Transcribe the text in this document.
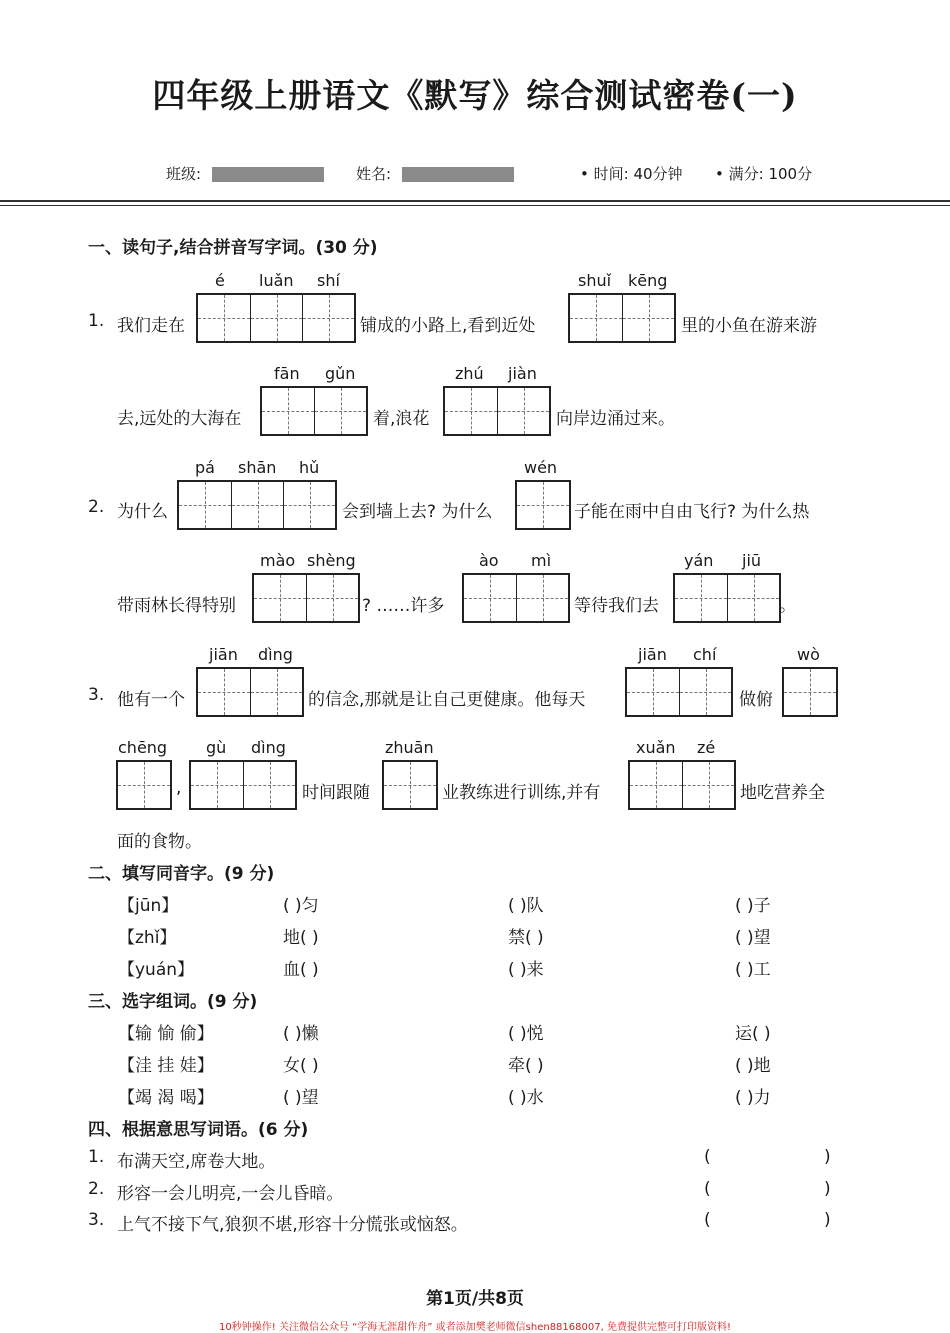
四年级上册语文《默写》综合测试密卷(一)
班级:	姓名:	• 时间: 40分钟 • 满分: 100分
一、读句子,结合拼音写字词。(30 分)
1. 我们走在
é luǎn shí
铺成的小路上,看到近处
shuǐ kēng
里的小鱼在游来游
去,远处的大海在
fān gǔn
着,浪花
zhú jiàn
向岸边涌过来。
2. 为什么
pá shān hǔ
会到墙上去? 为什么
wén
子能在雨中自由飞行? 为什么热
带雨林长得特别
mào shèng
? ……许多
ào mì
等待我们去
yán jiū
。
3. 他有一个
jiān dìng
的信念,那就是让自己更健康。他每天
jiān chí
做俯
wò
chēng
,
gù dìng
时间跟随
zhuān
业教练进行训练,并有
xuǎn zé
地吃营养全
面的食物。
二、填写同音字。(9 分)
【jūn】	( )匀	( )队	( )子
【zhǐ】	地( )	禁( )	( )望
【yuán】	血( )	( )来	( )工
三、选字组词。(9 分)
【输 愉 偷】	( )懒	( )悦	运( )
【洼 挂 娃】	女( )	牵( )	( )地
【竭 渴 喝】	( )望	( )水	( )力
四、根据意思写词语。(6 分)
1. 布满天空,席卷大地。	(	)
2. 形容一会儿明亮,一会儿昏暗。	(	)
3. 上气不接下气,狼狈不堪,形容十分慌张或恼怒。	(	)
第1页/共8页
10秒钟操作! 关注微信公众号 “学海无涯甜作舟” 或者添加樊老师微信shen88168007, 免费提供完整可打印版资料!
